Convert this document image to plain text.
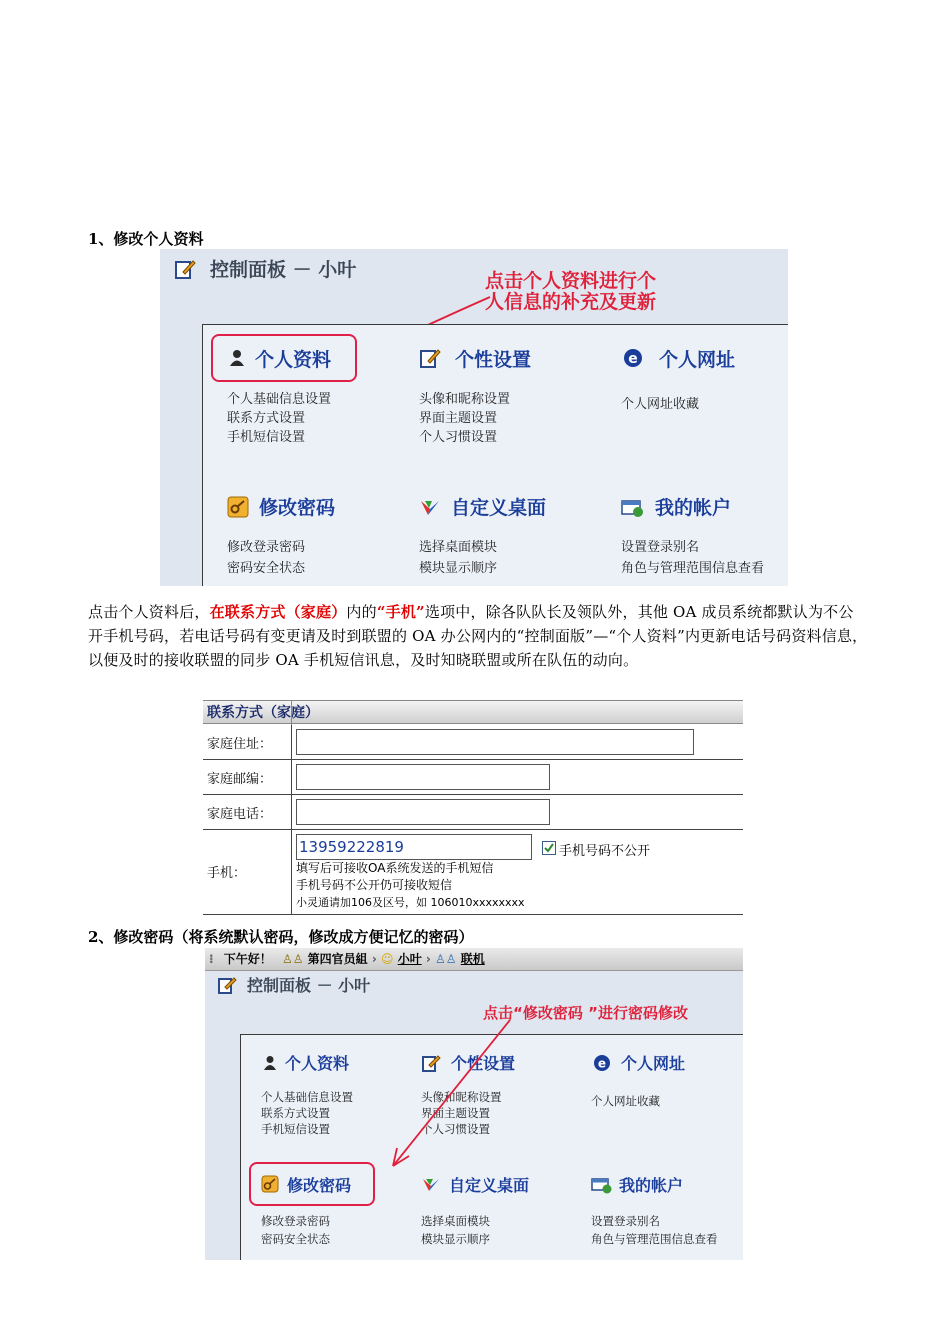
1、修改个人资料
控制面板 － 小叶	点击个人资料进行个
人信息的补充及更新
个人资料
个人基础信息设置
联系方式设置
手机短信设置
个性设置
头像和昵称设置
界面主题设置
个人习惯设置
e 个人网址
个人网址收藏
修改密码
修改登录密码
密码安全状态
自定义桌面
选择桌面模块
模块显示顺序
我的帐户
设置登录别名
角色与管理范围信息查看
点击个人资料后，在联系方式（家庭）内的“手机”选项中，除各队队长及领队外，其他 OA 成员系统都默认为不公开手机号码，若电话号码有变更请及时到联盟的 OA 办公网内的“控制面版”—“个人资料”内更新电话号码资料信息，以便及时的接收联盟的同步 OA 手机短信讯息，及时知晓联盟或所在队伍的动向。
联系方式（家庭）
家庭住址：
家庭邮编：
家庭电话：
手机：
13959222819	手机号码不公开
填写后可接收OA系统发送的手机短信
手机号码不公开仍可接收短信
小灵通请加106及区号，如 106010xxxxxxxx
2、修改密码（将系统默认密码，修改成方便记忆的密码）
⁝ 下午好！ ♙♙ 第四官员組 › ☺ 小叶 › ♙♙ 联机
控制面板 － 小叶
点击“修改密码 ”进行密码修改
个人资料
个人基础信息设置
联系方式设置
手机短信设置
个性设置
头像和昵称设置
界面主题设置
个人习惯设置
e 个人网址
个人网址收藏
修改密码
修改登录密码
密码安全状态
自定义桌面
选择桌面模块
模块显示顺序
我的帐户
设置登录别名
角色与管理范围信息查看
